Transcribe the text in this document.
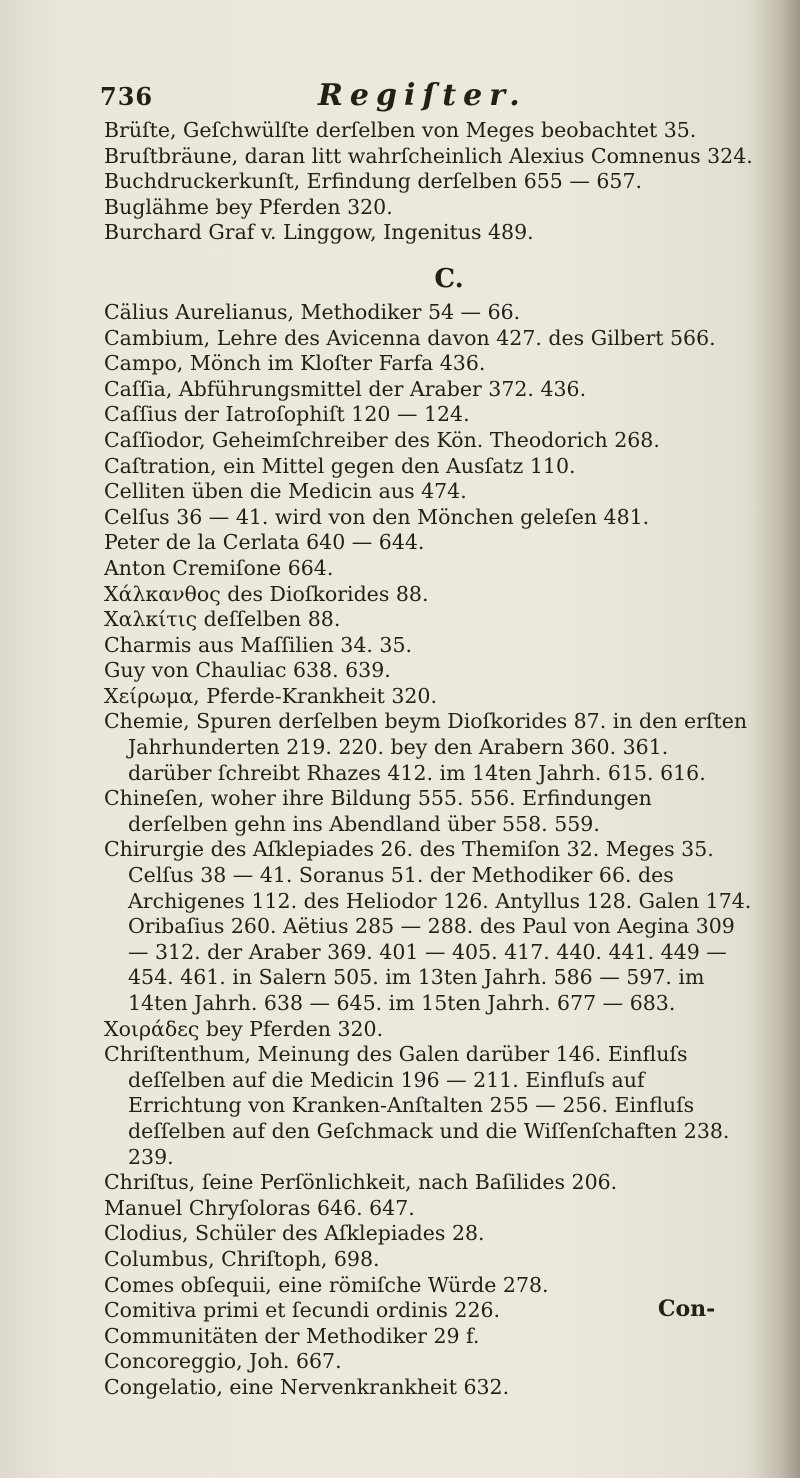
736	Regiſter.

Brüſte, Geſchwülſte derſelben von Meges beobachtet 35.

Bruſtbräune, daran litt wahrſcheinlich Alexius Comnenus 324.

Buchdruckerkunſt, Erfindung derſelben 655 — 657.

Buglähme bey Pferden 320.

Burchard Graf v. Linggow, Ingenitus 489.

C.

Cälius Aurelianus, Methodiker 54 — 66.

Cambium, Lehre des Avicenna davon 427. des Gilbert 566.

Campo, Mönch im Kloſter Farfa 436.

Caſſia, Abführungsmittel der Araber 372. 436.

Caſſius der Iatroſophiſt 120 — 124.

Caſſiodor, Geheimſchreiber des Kön. Theodorich 268.

Caſtration, ein Mittel gegen den Ausſatz 110.

Celliten üben die Medicin aus 474.

Celſus 36 — 41. wird von den Mönchen geleſen 481.

Peter de la Cerlata 640 — 644.

Anton Cremiſone 664.

Χάλκανθος des Dioſkorides 88.

Χαλκίτις deſſelben 88.

Charmis aus Maſſilien 34. 35.

Guy von Chauliac 638. 639.

Χείρωμα, Pferde-Krankheit 320.

Chemie, Spuren derſelben beym Dioſkorides 87. in den erſten Jahrhunderten 219. 220. bey den Arabern 360. 361. darüber ſchreibt Rhazes 412. im 14ten Jahrh. 615. 616.

Chineſen, woher ihre Bildung 555. 556. Erfindungen derſelben gehn ins Abendland über 558. 559.

Chirurgie des Aſklepiades 26. des Themiſon 32. Meges 35. Celſus 38 — 41. Soranus 51. der Methodiker 66. des Archigenes 112. des Heliodor 126. Antyllus 128. Galen 174. Oribaſius 260. Aëtius 285 — 288. des Paul von Aegina 309 — 312. der Araber 369. 401 — 405. 417. 440. 441. 449 — 454. 461. in Salern 505. im 13ten Jahrh. 586 — 597. im 14ten Jahrh. 638 — 645. im 15ten Jahrh. 677 — 683.

Χοιράδες bey Pferden 320.

Chriſtenthum, Meinung des Galen darüber 146. Einfluſs deſſelben auf die Medicin 196 — 211. Einfluſs auf Errichtung von Kranken-Anſtalten 255 — 256. Einfluſs deſſelben auf den Geſchmack und die Wiſſenſchaften 238. 239.

Chriſtus, ſeine Perſönlichkeit, nach Baſilides 206.

Manuel Chryſoloras 646. 647.

Clodius, Schüler des Aſklepiades 28.

Columbus, Chriſtoph, 698.

Comes obſequii, eine römiſche Würde 278.

Comitiva primi et ſecundi ordinis 226.

Communitäten der Methodiker 29 f.

Concoreggio, Joh. 667.

Congelatio, eine Nervenkrankheit 632.

Con-
